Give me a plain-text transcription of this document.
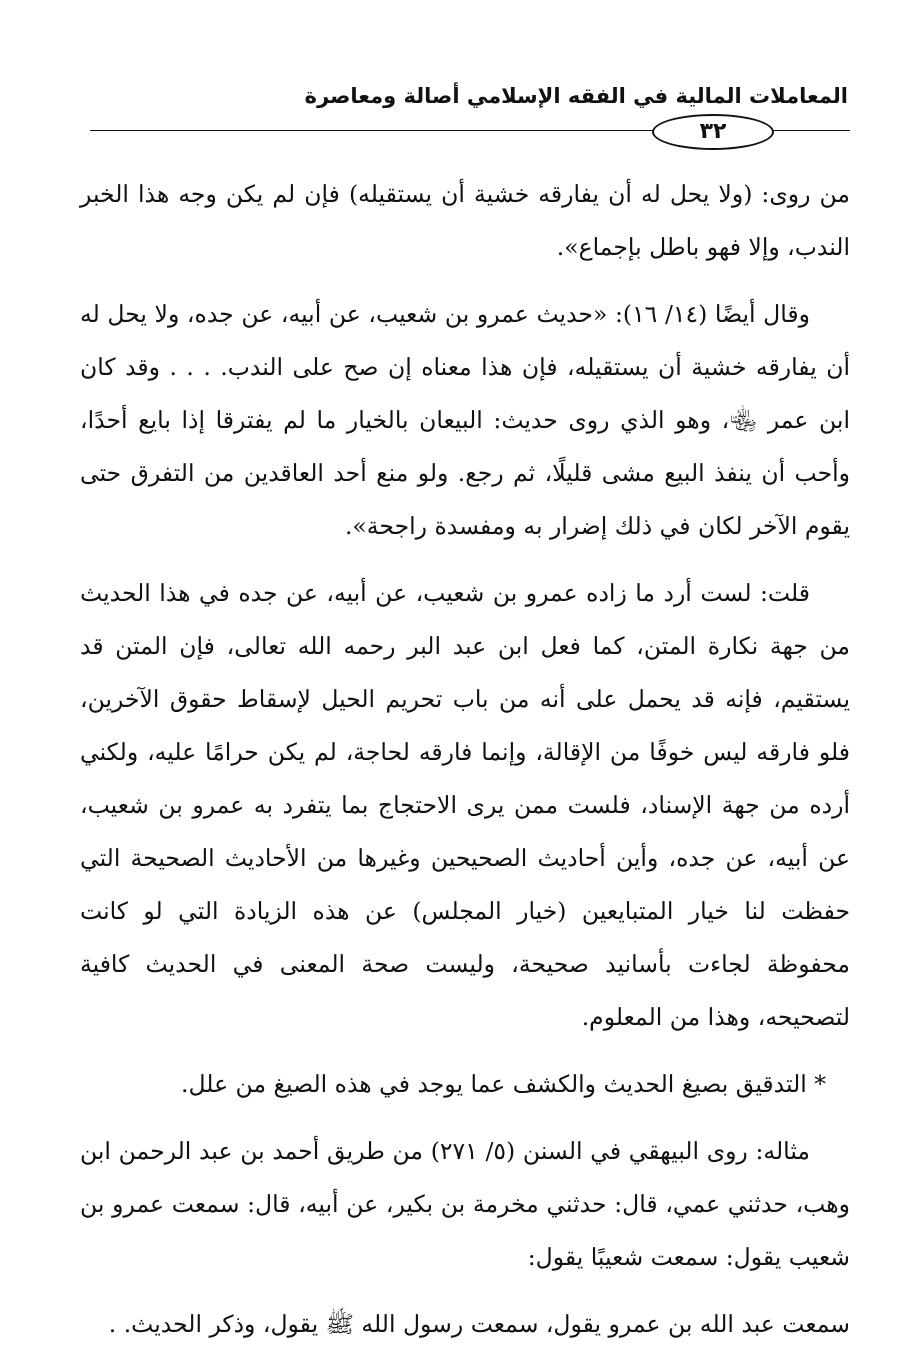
المعاملات المالية في الفقه الإسلامي أصالة ومعاصرة
٣٢

من روى: (ولا يحل له أن يفارقه خشية أن يستقيله) فإن لم يكن وجه هذا الخبر الندب، وإلا فهو باطل بإجماع».

وقال أيضًا (١٤/ ١٦): «حديث عمرو بن شعيب، عن أبيه، عن جده، ولا يحل له أن يفارقه خشية أن يستقيله، فإن هذا معناه إن صح على الندب. . . . وقد كان ابن عمر ﵄، وهو الذي روى حديث: البيعان بالخيار ما لم يفترقا إذا بايع أحدًا، وأحب أن ينفذ البيع مشى قليلًا، ثم رجع. ولو منع أحد العاقدين من التفرق حتى يقوم الآخر لكان في ذلك إضرار به ومفسدة راجحة».

قلت: لست أرد ما زاده عمرو بن شعيب، عن أبيه، عن جده في هذا الحديث من جهة نكارة المتن، كما فعل ابن عبد البر رحمه الله تعالى، فإن المتن قد يستقيم، فإنه قد يحمل على أنه من باب تحريم الحيل لإسقاط حقوق الآخرين، فلو فارقه ليس خوفًا من الإقالة، وإنما فارقه لحاجة، لم يكن حرامًا عليه، ولكني أرده من جهة الإسناد، فلست ممن يرى الاحتجاج بما يتفرد به عمرو بن شعيب، عن أبيه، عن جده، وأين أحاديث الصحيحين وغيرها من الأحاديث الصحيحة التي حفظت لنا خيار المتبايعين (خيار المجلس) عن هذه الزيادة التي لو كانت محفوظة لجاءت بأسانيد صحيحة، وليست صحة المعنى في الحديث كافية لتصحيحه، وهذا من المعلوم.

* التدقيق بصيغ الحديث والكشف عما يوجد في هذه الصيغ من علل.

مثاله: روى البيهقي في السنن (٥/ ٢٧١) من طريق أحمد بن عبد الرحمن ابن وهب، حدثني عمي، قال: حدثني مخرمة بن بكير، عن أبيه، قال: سمعت عمرو بن شعيب يقول: سمعت شعيبًا يقول:

سمعت عبد الله بن عمرو يقول، سمعت رسول الله ﷺ يقول، وذكر الحديث. .
